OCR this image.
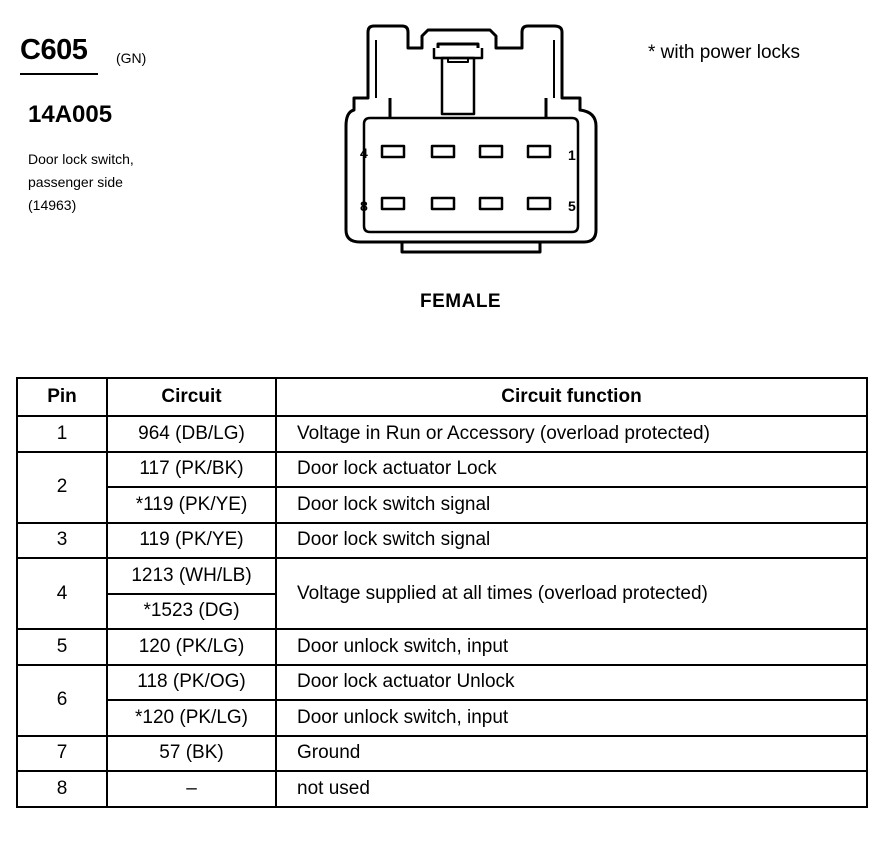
C605 (GN)
14A005
Door lock switch,
passenger side
(14963)
* with power locks
FEMALE
4	1
8	5
Pin	Circuit	Circuit function
1	964 (DB/LG)	Voltage in Run or Accessory (overload protected)
2	117 (PK/BK)	Door lock actuator Lock
	*119 (PK/YE)	Door lock switch signal
3	119 (PK/YE)	Door lock switch signal
4	1213 (WH/LB)	Voltage supplied at all times (overload protected)
	*1523 (DG)	
5	120 (PK/LG)	Door unlock switch, input
6	118 (PK/OG)	Door lock actuator Unlock
	*120 (PK/LG)	Door unlock switch, input
7	57 (BK)	Ground
8	–	not used
